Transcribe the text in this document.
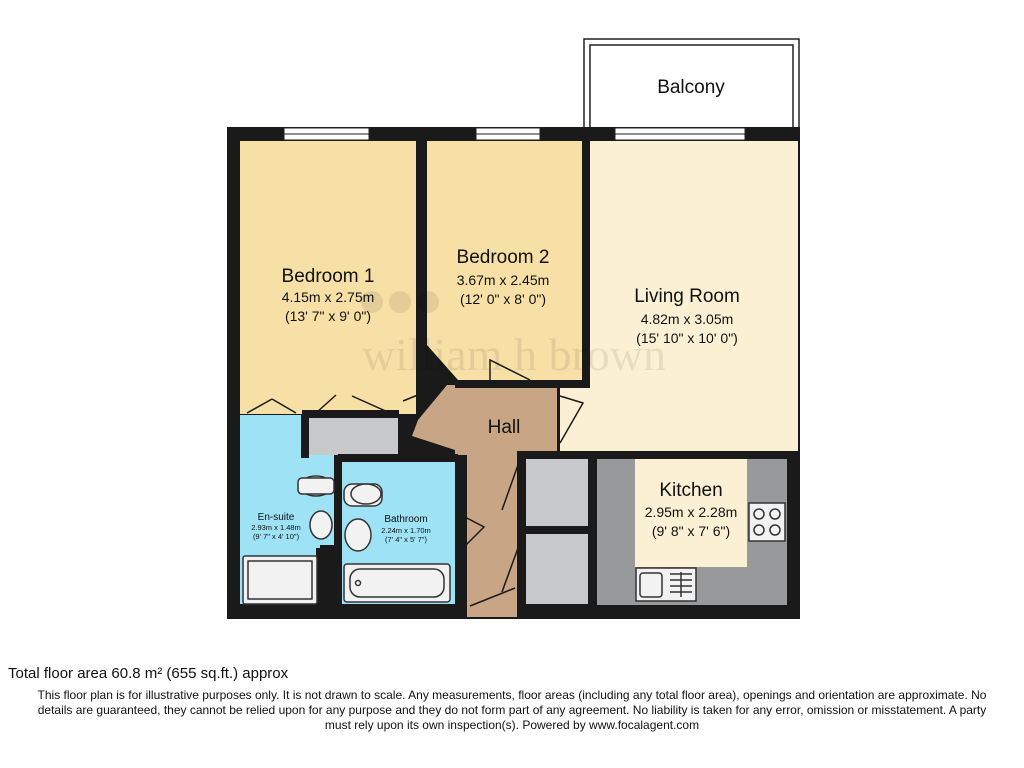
Balcony
william h brown
Bedroom 1
4.15m x 2.75m
(13' 7" x 9' 0")
Bedroom 2
3.67m x 2.45m
(12' 0" x 8' 0")	Living Room
4.82m x 3.05m
(15' 10" x 10' 0")
Hall
Kitchen
2.95m x 2.28m
(9' 8" x 7' 6")
En-suite
2.93m x 1.48m
(9' 7" x 4' 10")
Bathroom
2.24m x 1.70m
(7' 4" x 5' 7")
Total floor area 60.8 m² (655 sq.ft.) approx
This floor plan is for illustrative purposes only. It is not drawn to scale. Any measurements, floor areas (including any total floor area), openings and orientation are approximate. No
details are guaranteed, they cannot be relied upon for any purpose and they do not form part of any agreement. No liability is taken for any error, omission or misstatement. A party
must rely upon its own inspection(s). Powered by www.focalagent.com
